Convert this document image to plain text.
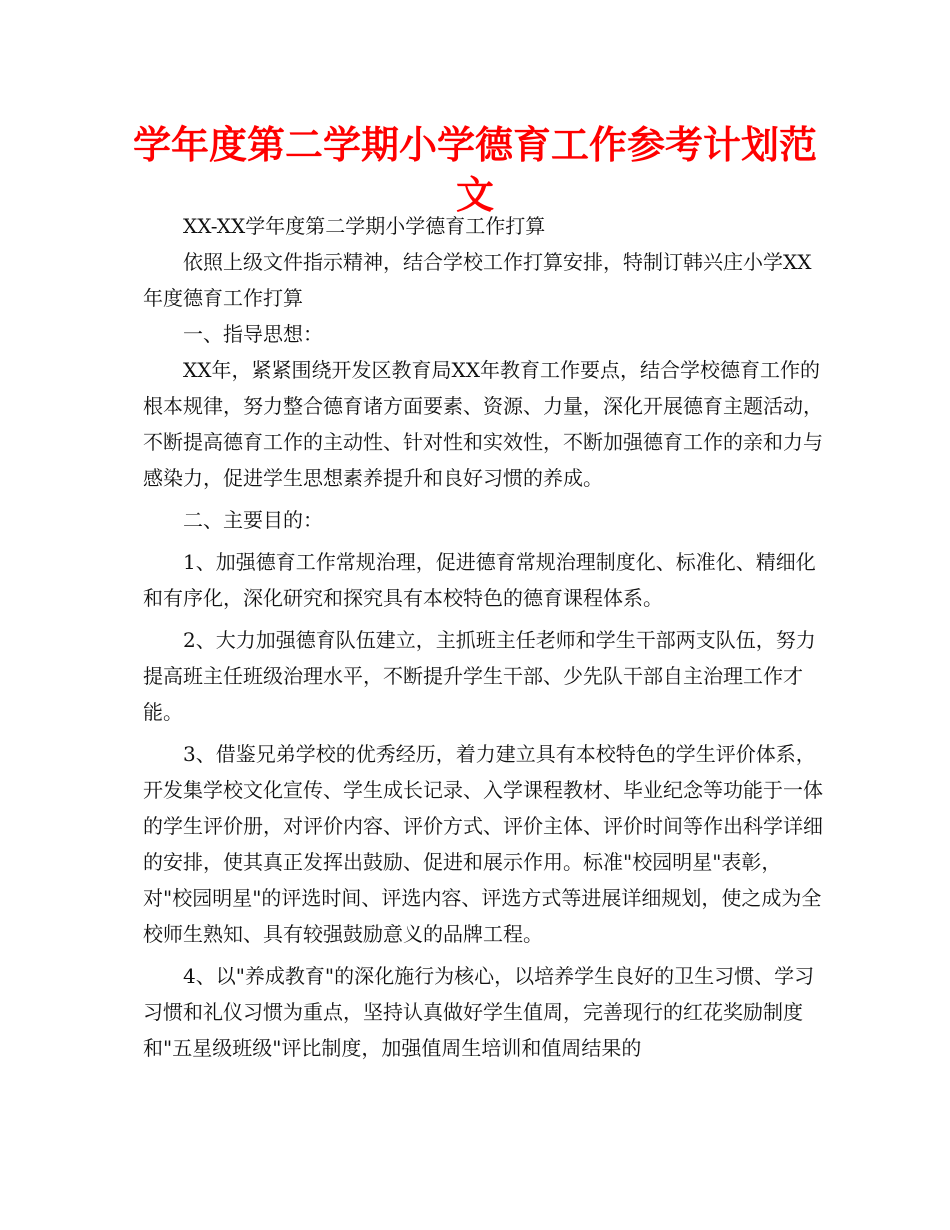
学年度第二学期小学德育工作参考计划范文

XX-XX学年度第二学期小学德育工作打算

依照上级文件指示精神，结合学校工作打算安排，特制订韩兴庄小学XX年度德育工作打算

一、指导思想：

XX年，紧紧围绕开发区教育局XX年教育工作要点，结合学校德育工作的根本规律，努力整合德育诸方面要素、资源、力量，深化开展德育主题活动，不断提高德育工作的主动性、针对性和实效性，不断加强德育工作的亲和力与感染力，促进学生思想素养提升和良好习惯的养成。

二、主要目的：

1、加强德育工作常规治理，促进德育常规治理制度化、标准化、精细化和有序化，深化研究和探究具有本校特色的德育课程体系。

2、大力加强德育队伍建立，主抓班主任老师和学生干部两支队伍，努力提高班主任班级治理水平，不断提升学生干部、少先队干部自主治理工作才能。

3、借鉴兄弟学校的优秀经历，着力建立具有本校特色的学生评价体系，开发集学校文化宣传、学生成长记录、入学课程教材、毕业纪念等功能于一体的学生评价册，对评价内容、评价方式、评价主体、评价时间等作出科学详细的安排，使其真正发挥出鼓励、促进和展示作用。标准"校园明星"表彰，对"校园明星"的评选时间、评选内容、评选方式等进展详细规划，使之成为全校师生熟知、具有较强鼓励意义的品牌工程。

4、以"养成教育"的深化施行为核心，以培养学生良好的卫生习惯、学习习惯和礼仪习惯为重点，坚持认真做好学生值周，完善现行的红花奖励制度和"五星级班级"评比制度，加强值周生培训和值周结果的
